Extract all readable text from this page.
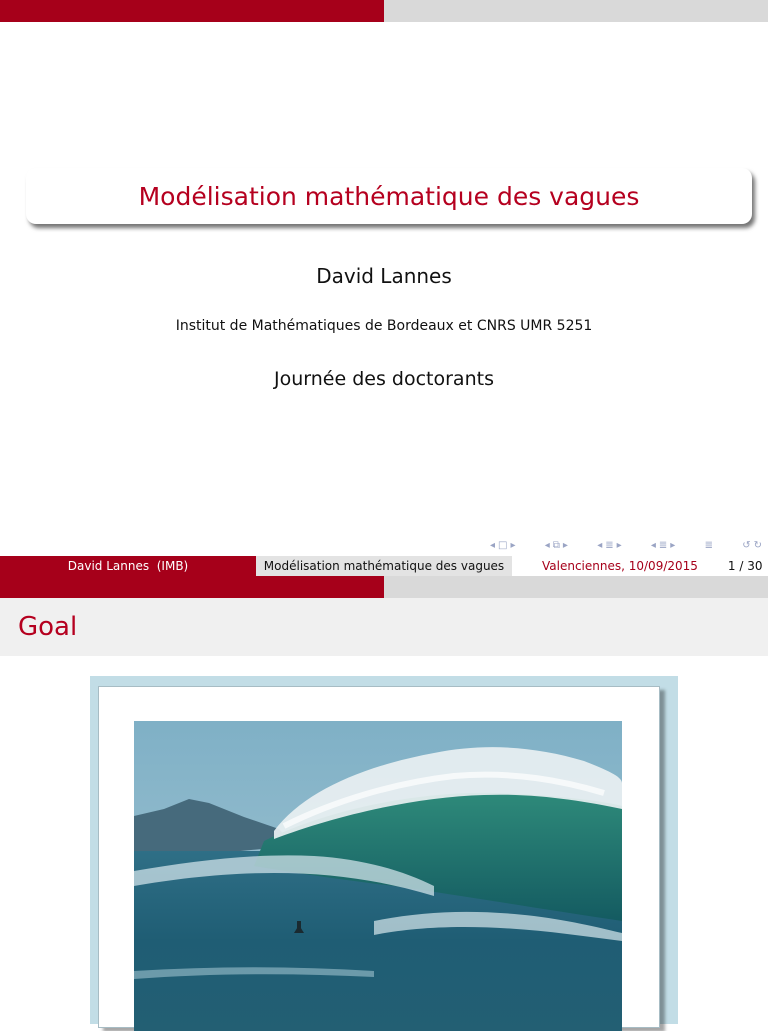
Modélisation mathématique des vagues
David Lannes
Institut de Mathématiques de Bordeaux et CNRS UMR 5251
Journée des doctorants
◂ □ ▸	◂ ⧉ ▸	◂ ≣ ▸	◂ ≣ ▸	≣	↺ ↻
David Lannes  (IMB)	Modélisation mathématique des vagues	Valenciennes, 10/09/2015	1 / 30
Goal
